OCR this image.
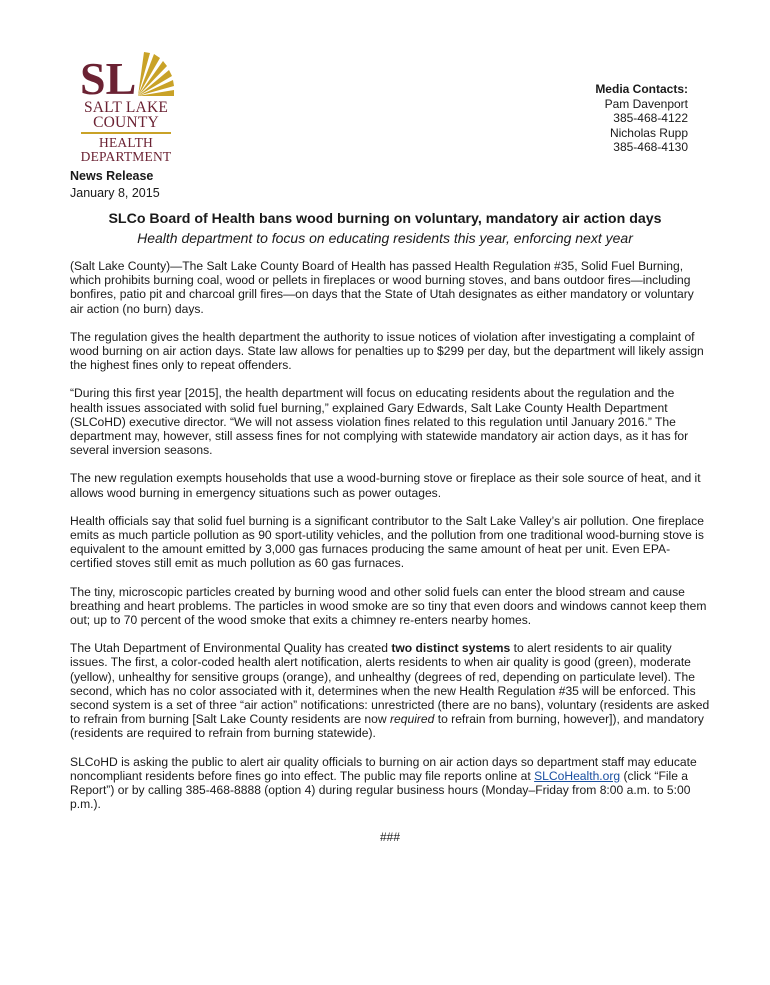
SL
SALT LAKE
COUNTY
HEALTH
DEPARTMENT
Media Contacts:
Pam Davenport
385-468-4122
Nicholas Rupp
385-468-4130
News Release
January 8, 2015
SLCo Board of Health bans wood burning on voluntary, mandatory air action days
Health department to focus on educating residents this year, enforcing next year

(Salt Lake County)—The Salt Lake County Board of Health has passed Health Regulation #35, Solid Fuel Burning, which prohibits burning coal, wood or pellets in fireplaces or wood burning stoves, and bans outdoor fires—including bonfires, patio pit and charcoal grill fires—on days that the State of Utah designates as either mandatory or voluntary air action (no burn) days.

The regulation gives the health department the authority to issue notices of violation after investigating a complaint of wood burning on air action days. State law allows for penalties up to $299 per day, but the department will likely assign the highest fines only to repeat offenders.

“During this first year [2015], the health department will focus on educating residents about the regulation and the health issues associated with solid fuel burning,” explained Gary Edwards, Salt Lake County Health Department (SLCoHD) executive director. “We will not assess violation fines related to this regulation until January 2016.” The department may, however, still assess fines for not complying with statewide mandatory air action days, as it has for several inversion seasons.

The new regulation exempts households that use a wood-burning stove or fireplace as their sole source of heat, and it allows wood burning in emergency situations such as power outages.

Health officials say that solid fuel burning is a significant contributor to the Salt Lake Valley’s air pollution. One fireplace emits as much particle pollution as 90 sport-utility vehicles, and the pollution from one traditional wood-burning stove is equivalent to the amount emitted by 3,000 gas furnaces producing the same amount of heat per unit. Even EPA-certified stoves still emit as much pollution as 60 gas furnaces.

The tiny, microscopic particles created by burning wood and other solid fuels can enter the blood stream and cause breathing and heart problems. The particles in wood smoke are so tiny that even doors and windows cannot keep them out; up to 70 percent of the wood smoke that exits a chimney re-enters nearby homes.

The Utah Department of Environmental Quality has created two distinct systems to alert residents to air quality issues. The first, a color-coded health alert notification, alerts residents to when air quality is good (green), moderate (yellow), unhealthy for sensitive groups (orange), and unhealthy (degrees of red, depending on particulate level). The second, which has no color associated with it, determines when the new Health Regulation #35 will be enforced. This second system is a set of three “air action” notifications: unrestricted (there are no bans), voluntary (residents are asked to refrain from burning [Salt Lake County residents are now required to refrain from burning, however]), and mandatory (residents are required to refrain from burning statewide).

SLCoHD is asking the public to alert air quality officials to burning on air action days so department staff may educate noncompliant residents before fines go into effect. The public may file reports online at SLCoHealth.org (click “File a Report”) or by calling 385-468-8888 (option 4) during regular business hours (Monday–Friday from 8:00 a.m. to 5:00 p.m.).

###
